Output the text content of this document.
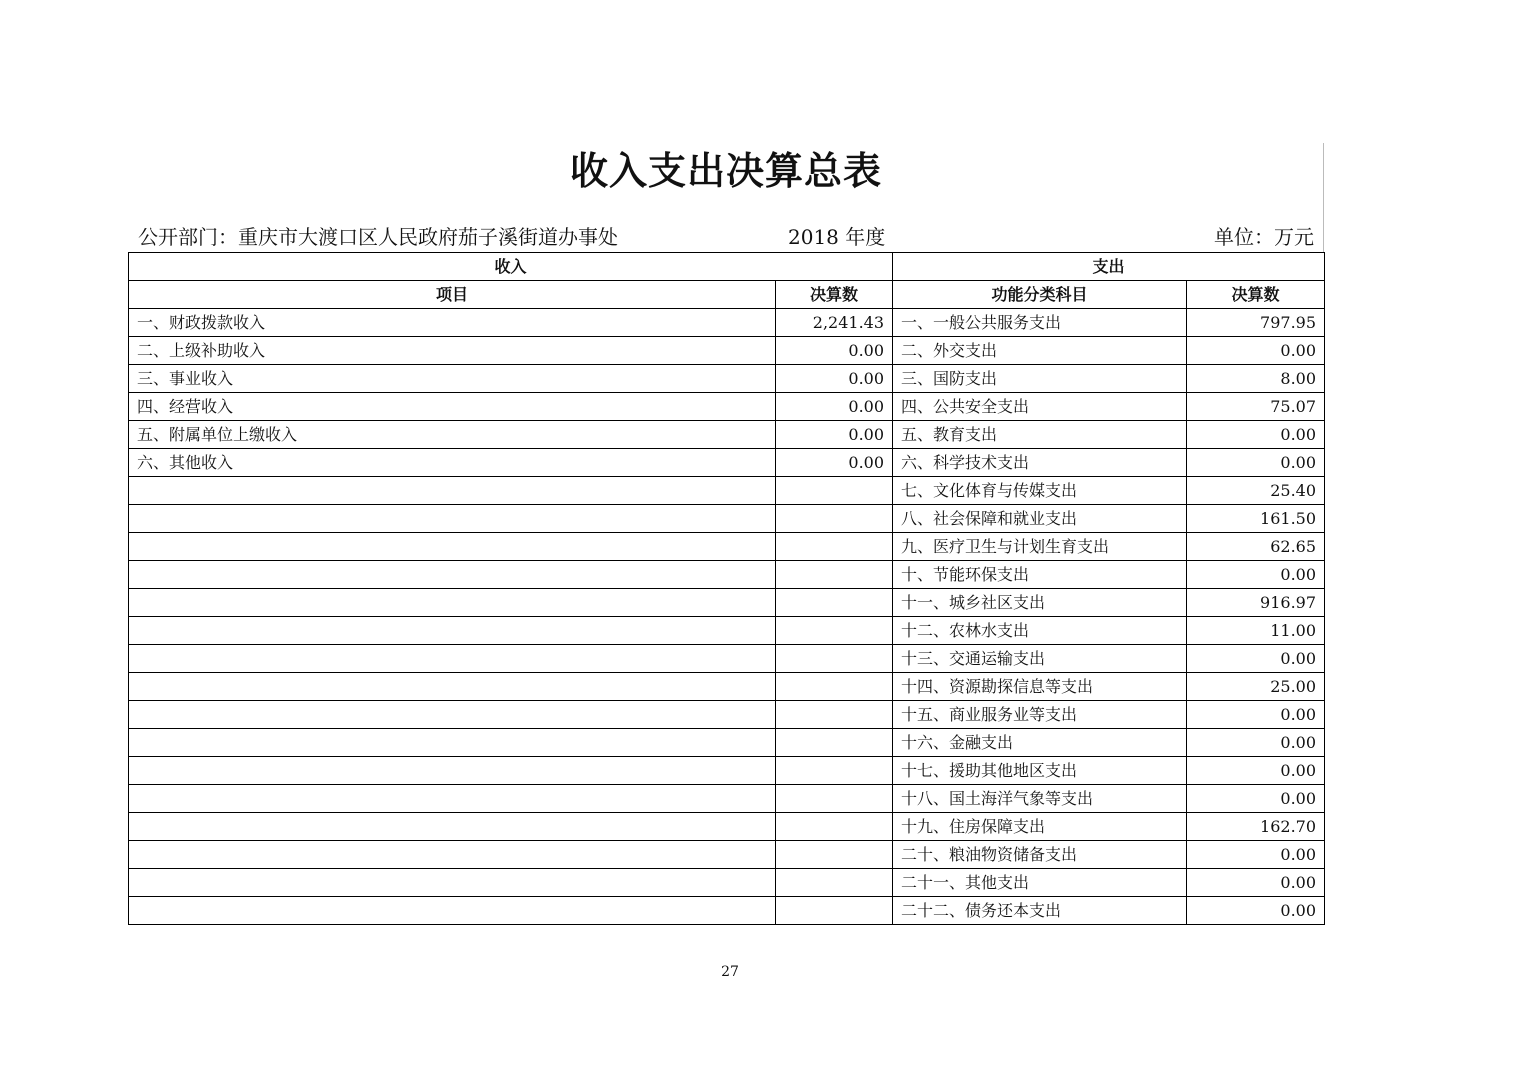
收入支出决算总表
公开部门：重庆市大渡口区人民政府茄子溪街道办事处	2018 年度	单位：万元
收入		支出	
项目	决算数	功能分类科目	决算数
一、财政拨款收入	2,241.43	一、一般公共服务支出	797.95
二、上级补助收入	0.00	二、外交支出	0.00
三、事业收入	0.00	三、国防支出	8.00
四、经营收入	0.00	四、公共安全支出	75.07
五、附属单位上缴收入	0.00	五、教育支出	0.00
六、其他收入	0.00	六、科学技术支出	0.00
		七、文化体育与传媒支出	25.40
		八、社会保障和就业支出	161.50
		九、医疗卫生与计划生育支出	62.65
		十、节能环保支出	0.00
		十一、城乡社区支出	916.97
		十二、农林水支出	11.00
		十三、交通运输支出	0.00
		十四、资源勘探信息等支出	25.00
		十五、商业服务业等支出	0.00
		十六、金融支出	0.00
		十七、援助其他地区支出	0.00
		十八、国土海洋气象等支出	0.00
		十九、住房保障支出	162.70
		二十、粮油物资储备支出	0.00
		二十一、其他支出	0.00
		二十二、债务还本支出	0.00
27
